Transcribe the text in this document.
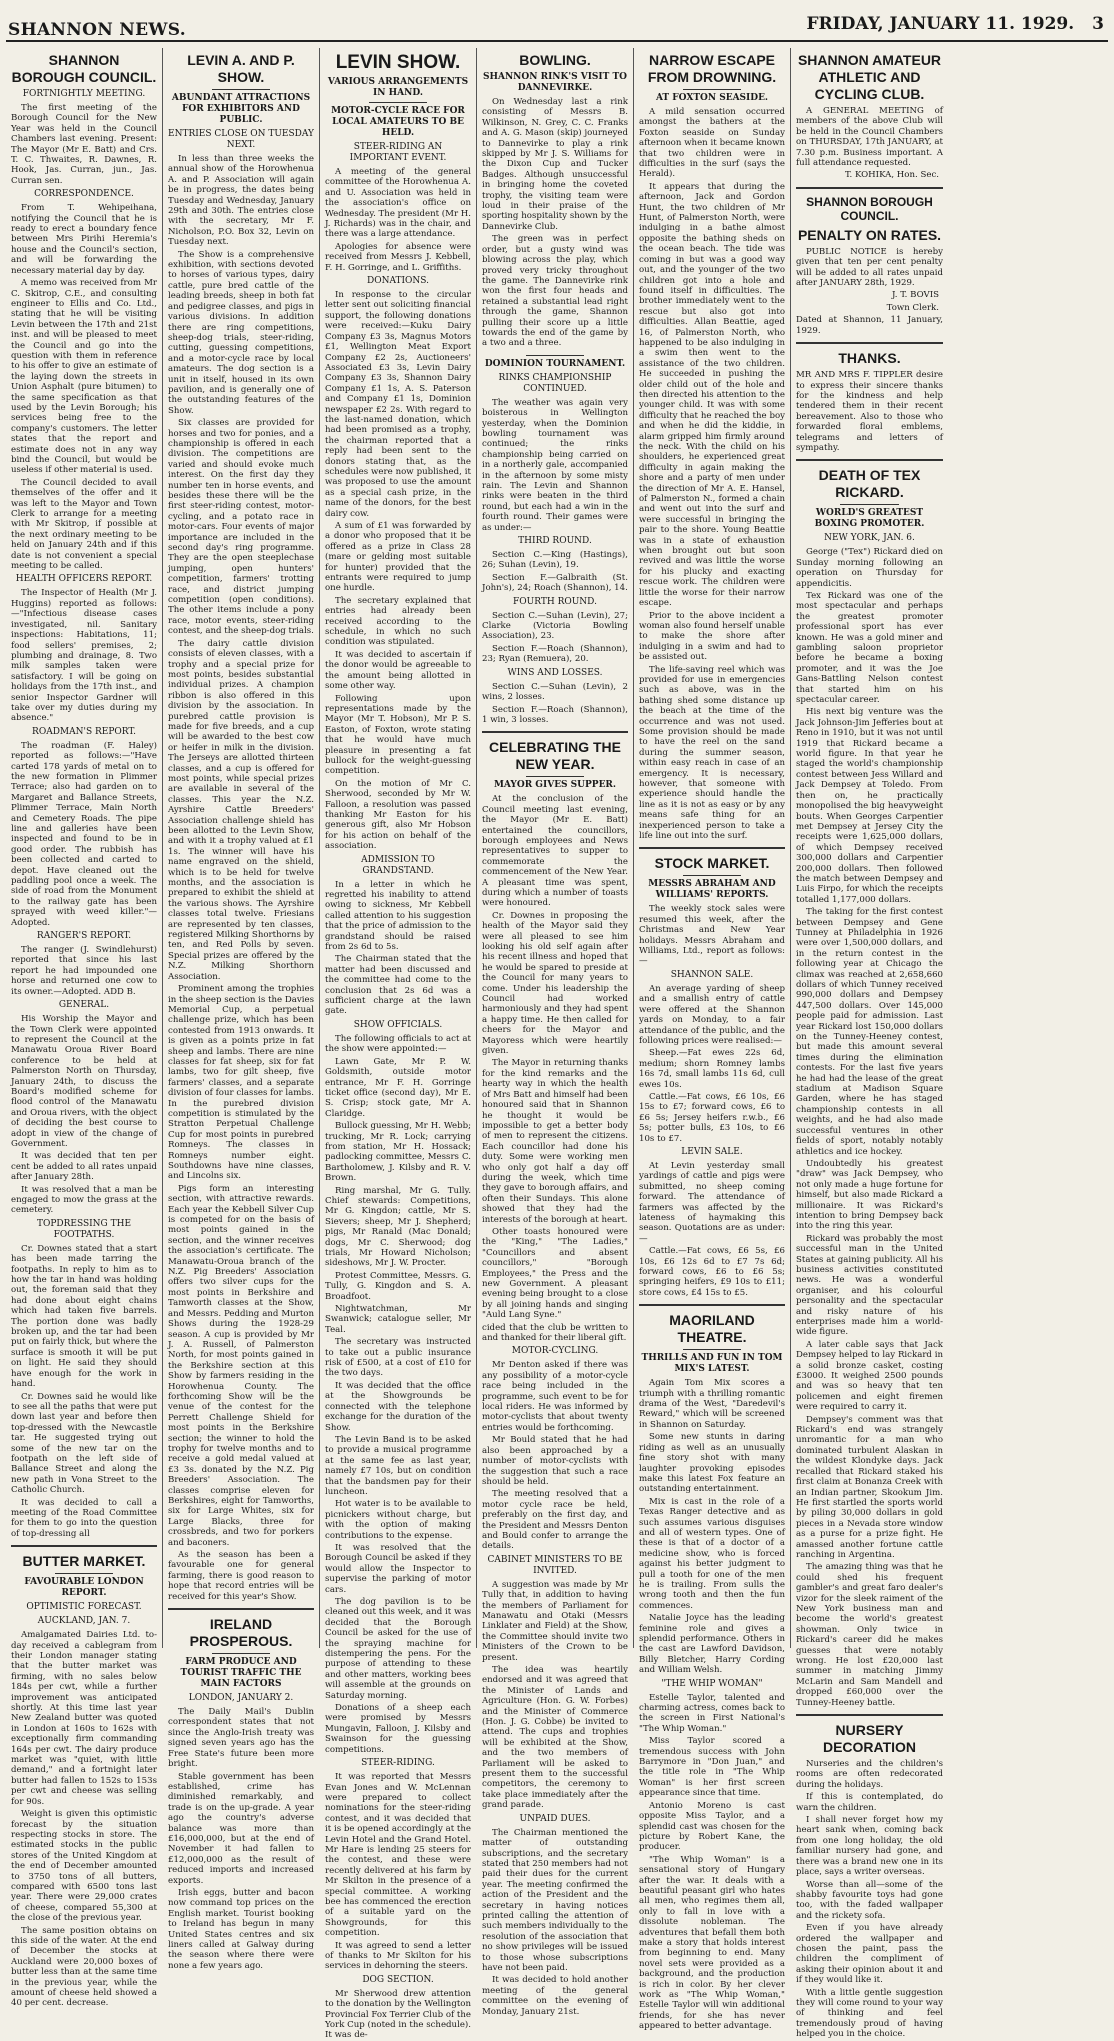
SHANNON NEWS.	FRIDAY, JANUARY 11. 1929. 3
SHANNON BOROUGH COUNCIL.
FORTNIGHTLY MEETING.

The first meeting of the Borough Council for the New Year was held in the Council Chambers last evening. Present: The Mayor (Mr E. Batt) and Crs. T. C. Thwaites, R. Dawnes, R. Hook, Jas. Curran, jun., Jas. Curran sen.

CORRESPONDENCE.

From T. Wehipeihana, notifying the Council that he is ready to erect a boundary fence between Mrs Pirihi Heremia's house and the Council's section, and will be forwarding the necessary material day by day.

A memo was received from Mr C. Skitrop, C.E., and consulting engineer to Ellis and Co. Ltd., stating that he will be visiting Levin between the 17th and 21st inst. and will be pleased to meet the Council and go into the question with them in reference to his offer to give an estimate of the laying down the streets in Union Asphalt (pure bitumen) to the same specification as that used by the Levin Borough; his services being free to the company's customers. The letter states that the report and estimate does not in any way bind the Council, but would be useless if other material is used.

The Council decided to avail themselves of the offer and it was left to the Mayor and Town Clerk to arrange for a meeting with Mr Skitrop, if possible at the next ordinary meeting to be held on January 24th and if this date is not convenient a special meeting to be called.

HEALTH OFFICERS REPORT.

The Inspector of Health (Mr J. Huggins) reported as follows:—"Infectious disease cases investigated, nil. Sanitary inspections: Habitations, 11; food sellers' premises, 2; plumbing and drainage, 8. Two milk samples taken were satisfactory. I will be going on holidays from the 17th inst., and senior Inspector Gardner will take over my duties during my absence."

ROADMAN'S REPORT.

The roadman (F. Haley) reported as follows:—"Have carted 178 yards of metal on to the new formation in Plimmer Terrace; also had garden on to Margaret and Ballance Streets, Plimmer Terrace, Main North and Cemetery Roads. The pipe line and galleries have been inspected and found to be in good order. The rubbish has been collected and carted to depot. Have cleaned out the paddling pool once a week. The side of road from the Monument to the railway gate has been sprayed with weed killer."—Adopted.

RANGER'S REPORT.

The ranger (J. Swindlehurst) reported that since his last report he had impounded one horse and returned one cow to its owner.—Adopted. ADD B.

GENERAL.

His Worship the Mayor and the Town Clerk were appointed to represent the Council at the Manawatu Oroua River Board conference to be held at Palmerston North on Thursday, January 24th, to discuss the Board's modified scheme for flood control of the Manawatu and Oroua rivers, with the object of deciding the best course to adopt in view of the change of Government.

It was decided that ten per cent be added to all rates unpaid after January 28th.

It was resolved that a man be engaged to mow the grass at the cemetery.

TOPDRESSING THE FOOTPATHS.

Cr. Downes stated that a start has been made tarring the footpaths. In reply to him as to how the tar in hand was holding out, the foreman said that they had done about eight chains which had taken five barrels. The portion done was badly broken up, and the tar had been put on fairly thick, but where the surface is smooth it will be put on light. He said they should have enough for the work in hand.

Cr. Downes said he would like to see all the paths that were put down last year and before then top-dressed with the Newcastle tar. He suggested trying out some of the new tar on the footpath on the left side of Ballance Street and along the new path in Vona Street to the Catholic Church.

It was decided to call a meeting of the Road Committee for them to go into the question of top-dressing all

BUTTER MARKET.
FAVOURABLE LONDON REPORT.
OPTIMISTIC FORECAST.
AUCKLAND, JAN. 7.

Amalgamated Dairies Ltd. to-day received a cablegram from their London manager stating that the butter market was firming, with no sales below 184s per cwt, while a further improvement was anticipated shortly. At this time last year New Zealand butter was quoted in London at 160s to 162s with exceptionally firm commanding 164s per cwt. The dairy produce market was "quiet, with little demand," and a fortnight later butter had fallen to 152s to 153s per cwt and cheese was selling for 90s.

Weight is given this optimistic forecast by the situation respecting stocks in store. The estimated stocks in the public stores of the United Kingdom at the end of December amounted to 3750 tons of all butters, compared with 6500 tons last year. There were 29,000 crates of cheese, compared 55,300 at the close of the previous year.

The same position obtains on this side of the water. At the end of December the stocks at Auckland were 20,000 boxes of butter less than at the same time in the previous year, while the amount of cheese held showed a 40 per cent. decrease.

LEVIN A. AND P. SHOW.
ABUNDANT ATTRACTIONS FOR EXHIBITORS AND PUBLIC.
ENTRIES CLOSE ON TUESDAY NEXT.

In less than three weeks the annual show of the Horowhenua A. and P. Association will again be in progress, the dates being Tuesday and Wednesday, January 29th and 30th. The entries close with the secretary, Mr F. Nicholson, P.O. Box 32, Levin on Tuesday next.

The Show is a comprehensive exhibition, with sections devoted to horses of various types, dairy cattle, pure bred cattle of the leading breeds, sheep in both fat and pedigree classes, and pigs in various divisions. In addition there are ring competitions, sheep-dog trials, steer-riding, cutting, guessing competitions, and a motor-cycle race by local amateurs. The dog section is a unit in itself, housed in its own pavilion, and is generally one of the outstanding features of the Show.

Six classes are provided for horses and two for ponies, and a championship is offered in each division. The competitions are varied and should evoke much interest. On the first day they number ten in horse events, and besides these there will be the first steer-riding contest, motor-cycling, and a potato race in motor-cars. Four events of major importance are included in the second day's ring programme. They are the open steeplechase jumping, open hunters' competition, farmers' trotting race, and district jumping competition (open conditions). The other items include a pony race, motor events, steer-riding contest, and the sheep-dog trials.

The dairy cattle division consists of eleven classes, with a trophy and a special prize for most points, besides substantial individual prizes. A champion ribbon is also offered in this division by the association. In purebred cattle provision is made for five breeds, and a cup will be awarded to the best cow or heifer in milk in the division. The Jerseys are allotted thirteen classes, and a cup is offered for most points, while special prizes are available in several of the classes. This year the N.Z. Ayrshire Cattle Breeders' Association challenge shield has been allotted to the Levin Show, and with it a trophy valued at £1 1s. The winner will have his name engraved on the shield, which is to be held for twelve months, and the association is prepared to exhibit the shield at the various shows. The Ayrshire classes total twelve. Friesians are represented by ten classes, registered Milking Shorthorns by ten, and Red Polls by seven. Special prizes are offered by the N.Z. Milking Shorthorn Association.

Prominent among the trophies in the sheep section is the Davies Memorial Cup, a perpetual challenge prize, which has been contested from 1913 onwards. It is given as a points prize in fat sheep and lambs. There are nine classes for fat sheep, six for fat lambs, two for gilt sheep, five farmers' classes, and a separate division of four classes for lambs. In the purebred division competition is stimulated by the Stratton Perpetual Challenge Cup for most points in purebred Romneys. The classes in Romneys number eight. Southdowns have nine classes, and Lincolns six.

Pigs form an interesting section, with attractive rewards. Each year the Kebbell Silver Cup is competed for on the basis of most points gained in the section, and the winner receives the association's certificate. The Manawatu-Oroua branch of the N.Z. Pig Breeders' Association offers two silver cups for the most points in Berkshire and Tamworth classes at the Show, and Messrs. Pedding and Murton Shows during the 1928-29 season. A cup is provided by Mr J. A. Russell, of Palmerston North, for most points gained in the Berkshire section at this Show by farmers residing in the Horowhenua County. The forthcoming Show will be the venue of the contest for the Perrett Challenge Shield for most points in the Berkshire section; the winner to hold the trophy for twelve months and to receive a gold medal valued at £3 3s. donated by the N.Z. Pig Breeders' Association. The classes comprise eleven for Berkshires, eight for Tamworths, six for Large Whites, six for Large Blacks, three for crossbreds, and two for porkers and baconers.

As the season has been a favourable one for general farming, there is good reason to hope that record entries will be received for this year's Show.

IRELAND PROSPEROUS.
FARM PRODUCE AND TOURIST TRAFFIC THE MAIN FACTORS
LONDON, JANUARY 2.

The Daily Mail's Dublin correspondent states that not since the Anglo-Irish treaty was signed seven years ago has the Free State's future been more bright.

Stable government has been established, crime has diminished remarkably, and trade is on the up-grade. A year ago the country's adverse balance was more than £16,000,000, but at the end of November it had fallen to £12,000,000 as the result of reduced imports and increased exports.

Irish eggs, butter and bacon now command top prices on the English market. Tourist booking to Ireland has begun in many United States centres and six liners called at Galway during the season where there were none a few years ago.

LEVIN SHOW.
VARIOUS ARRANGEMENTS IN HAND.
MOTOR-CYCLE RACE FOR LOCAL AMATEURS TO BE HELD.
STEER-RIDING AN IMPORTANT EVENT.

A meeting of the general committee of the Horowhenua A. and U. Association was held in the association's office on Wednesday. The president (Mr H. J. Richards) was in the chair, and there was a large attendance.

Apologies for absence were received from Messrs J. Kebbell, F. H. Gorringe, and L. Griffiths.

DONATIONS.

In response to the circular letter sent out soliciting financial support, the following donations were received:—Kuku Dairy Company £3 3s, Magnus Motors £1, Wellington Meat Export Company £2 2s, Auctioneers' Associated £3 3s, Levin Dairy Company £3 3s, Shannon Dairy Company £1 1s, A. S. Paterson and Company £1 1s, Dominion newspaper £2 2s. With regard to the last-named donation, which had been promised as a trophy, the chairman reported that a reply had been sent to the donors stating that, as the schedules were now published, it was proposed to use the amount as a special cash prize, in the name of the donors, for the best dairy cow.

A sum of £1 was forwarded by a donor who proposed that it be offered as a prize in Class 28 (mare or gelding most suitable for hunter) provided that the entrants were required to jump one hurdle.

The secretary explained that entries had already been received according to the schedule, in which no such condition was stipulated.

It was decided to ascertain if the donor would be agreeable to the amount being allotted in some other way.

Following upon representations made by the Mayor (Mr T. Hobson), Mr P. S. Easton, of Foxton, wrote stating that he would have much pleasure in presenting a fat bullock for the weight-guessing competition.

On the motion of Mr C. Sherwood, seconded by Mr W. Falloon, a resolution was passed thanking Mr Easton for his generous gift, also Mr Hobson for his action on behalf of the association.

ADMISSION TO GRANDSTAND.

In a letter in which he regretted his inability to attend owing to sickness, Mr Kebbell called attention to his suggestion that the price of admission to the grandstand should be raised from 2s 6d to 5s.

The Chairman stated that the matter had been discussed and the committee had come to the conclusion that 2s 6d was a sufficient charge at the lawn gate.

SHOW OFFICIALS.

The following officials to act at the show were appointed:—

Lawn Gate, Mr P. W. Goldsmith, outside motor entrance, Mr F. H. Gorringe ticket office (second day), Mr E. S. Crisp; stock gate, Mr A. Claridge.

Bullock guessing, Mr H. Webb; trucking, Mr R. Lock; carrying from station, Mr H. Hossack; padlocking committee, Messrs C. Bartholomew, J. Kilsby and R. V. Brown.

Ring marshal, Mr G. Tully. Chief stewards: Competitions, Mr G. Kingdon; cattle, Mr S. Sievers; sheep, Mr J. Shepherd; pigs, Mr Ranald (Mac Donald; dogs, Mr C. Sherwood; dog trials, Mr Howard Nicholson; sideshows, Mr J. W. Procter.

Protest Committee, Messrs. G. Tully, G. Kingdon and S. A. Broadfoot.

Nightwatchman, Mr Swanwick; catalogue seller, Mr Teal.

The secretary was instructed to take out a public insurance risk of £500, at a cost of £10 for the two days.

It was decided that the office at the Showgrounds be connected with the telephone exchange for the duration of the Show.

The Levin Band is to be asked to provide a musical programme at the same fee as last year, namely £7 10s, but on condition that the bandsmen pay for their luncheon.

Hot water is to be available to picnickers without charge, but with the option of making contributions to the expense.

It was resolved that the Borough Council be asked if they would allow the Inspector to supervise the parking of motor cars.

The dog pavilion is to be cleaned out this week, and it was decided that the Borough Council be asked for the use of the spraying machine for distempering the pens. For the purpose of attending to these and other matters, working bees will assemble at the grounds on Saturday morning.

Donations of a sheep each were promised by Messrs Mungavin, Falloon, J. Kilsby and Swainson for the guessing competitions.

STEER-RIDING.

It was reported that Messrs Evan Jones and W. McLennan were prepared to collect nominations for the steer-riding contest, and it was decided that it is be opened accordingly at the Levin Hotel and the Grand Hotel. Mr Hare is lending 25 steers for the contest, and these were recently delivered at his farm by Mr Skilton in the presence of a special committee. A working bee has commenced the erection of a suitable yard on the Showgrounds, for this competition.

It was agreed to send a letter of thanks to Mr Skilton for his services in dehorning the steers.

DOG SECTION.

Mr Sherwood drew attention to the donation by the Wellington Provincial Fox Terrier Club of the York Cup (noted in the schedule). It was de-

BOWLING.
SHANNON RINK'S VISIT TO DANNEVIRKE.

On Wednesday last a rink consisting of Messrs B. Wilkinson, N. Grey, C. C. Franks and A. G. Mason (skip) journeyed to Dannevirke to play a rink skipped by Mr J. S. Williams for the Dixon Cup and Tucker Badges. Although unsuccessful in bringing home the coveted trophy, the visiting team were loud in their praise of the sporting hospitality shown by the Dannevirke Club.

The green was in perfect order, but a gusty wind was blowing across the play, which proved very tricky throughout the game. The Dannevirke rink won the first four heads and retained a substantial lead right through the game, Shannon pulling their score up a little towards the end of the game by a two and a three.

DOMINION TOURNAMENT.
RINKS CHAMPIONSHIP CONTINUED.

The weather was again very boisterous in Wellington yesterday, when the Dominion bowling tournament was continued; the rinks championship being carried on in a northerly gale, accompanied in the afternoon by some misty rain. The Levin and Shannon rinks were beaten in the third round, but each had a win in the fourth round. Their games were as under:—

THIRD ROUND.

Section C.—King (Hastings), 26; Suhan (Levin), 19.

Section F.—Galbraith (St. John's), 24; Roach (Shannon), 14.

FOURTH ROUND.

Section C.—Suhan (Levin), 27; Clarke (Victoria Bowling Association), 23.

Section F.—Roach (Shannon), 23; Ryan (Remuera), 20.

WINS AND LOSSES.

Section C.—Suhan (Levin), 2 wins, 2 losses.

Section F.—Roach (Shannon), 1 win, 3 losses.

CELEBRATING THE NEW YEAR.
MAYOR GIVES SUPPER.

At the conclusion of the Council meeting last evening, the Mayor (Mr E. Batt) entertained the councillors, borough employees and News representatives to supper to commemorate the commencement of the New Year. A pleasant time was spent, during which a number of toasts were honoured.

Cr. Downes in proposing the health of the Mayor said they were all pleased to see him looking his old self again after his recent illness and hoped that he would be spared to preside at the Council for many years to come. Under his leadership the Council had worked harmoniously and they had spent a happy time. He then called for cheers for the Mayor and Mayoress which were heartily given.

The Mayor in returning thanks for the kind remarks and the hearty way in which the health of Mrs Batt and himself had been honoured said that in Shannon he thought it would be impossible to get a better body of men to represent the citizens. Each councillor had done his duty. Some were working men who only got half a day off during the week, which time they gave to borough affairs, and often their Sundays. This alone showed that they had the interests of the borough at heart.

Other toasts honoured were the "King," "The Ladies," "Councillors and absent councillors," "Borough Employees," the Press and the new Government. A pleasant evening being brought to a close by all joining hands and singing "Auld Lang Syne."

cided that the club be written to and thanked for their liberal gift.

MOTOR-CYCLING.

Mr Denton asked if there was any possibility of a motor-cycle race being included in the programme, such event to be for local riders. He was informed by motor-cyclists that about twenty entries would be forthcoming.

Mr Bould stated that he had also been approached by a number of motor-cyclists with the suggestion that such a race should be held.

The meeting resolved that a motor cycle race be held, preferably on the first day, and the President and Messrs Denton and Bould confer to arrange the details.

CABINET MINISTERS TO BE INVITED.

A suggestion was made by Mr Tully that, in addition to having the members of Parliament for Manawatu and Otaki (Messrs Linklater and Field) at the Show, the Committee should invite two Ministers of the Crown to be present.

The idea was heartily endorsed and it was agreed that the Minister of Lands and Agriculture (Hon. G. W. Forbes) and the Minister of Commerce (Hon. J. G. Cobbe) be invited to attend. The cups and trophies will be exhibited at the Show, and the two members of Parliament will be asked to present them to the successful competitors, the ceremony to take place immediately after the grand parade.

UNPAID DUES.

The Chairman mentioned the matter of outstanding subscriptions, and the secretary stated that 250 members had not paid their dues for the current year. The meeting confirmed the action of the President and the secretary in having notices printed calling the attention of such members individually to the resolution of the association that no show privileges will be issued to those whose subscriptions have not been paid.

It was decided to hold another meeting of the general committee on the evening of Monday, January 21st.

NARROW ESCAPE FROM DROWNING.
AT FOXTON SEASIDE.

A mild sensation occurred amongst the bathers at the Foxton seaside on Sunday afternoon when it became known that two children were in difficulties in the surf (says the Herald).

It appears that during the afternoon, Jack and Gordon Hunt, the two children of Mr Hunt, of Palmerston North, were indulging in a bathe almost opposite the bathing sheds on the ocean beach. The tide was coming in but was a good way out, and the younger of the two children got into a hole and found itself in difficulties. The brother immediately went to the rescue but also got into difficulties. Allan Beattie, aged 16, of Palmerston North, who happened to be also indulging in a swim then went to the assistance of the two children. He succeeded in pushing the older child out of the hole and then directed his attention to the younger child. It was with some difficulty that he reached the boy and when he did the kiddie, in alarm gripped him firmly around the neck. With the child on his shoulders, he experienced great difficulty in again making the shore and a party of men under the direction of Mr A. E. Hansel, of Palmerston N., formed a chain and went out into the surf and were successful in bringing the pair to the shore. Young Beattie was in a state of exhaustion when brought out but soon revived and was little the worse for his plucky and exacting rescue work. The children were little the worse for their narrow escape.

Prior to the above incident a woman also found herself unable to make the shore after indulging in a swim and had to be assisted out.

The life-saving reel which was provided for use in emergencies such as above, was in the bathing shed some distance up the beach at the time of the occurrence and was not used. Some provision should be made to have the reel on the sand during the summer season, within easy reach in case of an emergency. It is necessary, however, that someone with experience should handle the line as it is not as easy or by any means safe thing for an inexperienced person to take a life line out into the surf.

STOCK MARKET.
MESSRS ABRAHAM AND WILLIAMS' REPORTS.

The weekly stock sales were resumed this week, after the Christmas and New Year holidays. Messrs Abraham and Williams, Ltd., report as follows:—

SHANNON SALE.

An average yarding of sheep and a smallish entry of cattle were offered at the Shannon yards on Monday, to a fair attendance of the public, and the following prices were realised:—

Sheep.—Fat ewes 22s 6d, medium; shorn Romney lambs 16s 7d, small lambs 11s 6d, cull ewes 10s.

Cattle.—Fat cows, £6 10s, £6 15s to £7; forward cows, £6 to £6 5s; Jersey heifers r.w.b., £6 5s; potter bulls, £3 10s, to £6 10s to £7.

LEVIN SALE.

At Levin yesterday small yardings of cattle and pigs were submitted, no sheep coming forward. The attendance of farmers was affected by the lateness of haymaking this season. Quotations are as under:—

Cattle.—Fat cows, £6 5s, £6 10s, £6 12s 6d to £7 7s 6d; forward cows, £6 to £6 5s; springing heifers, £9 10s to £11; store cows, £4 15s to £5.

MAORILAND THEATRE.
THRILLS AND FUN IN TOM MIX'S LATEST.

Again Tom Mix scores a triumph with a thrilling romantic drama of the West, "Daredevil's Reward," which will be screened in Shannon on Saturday.

Some new stunts in daring riding as well as an unusually fine story shot with many laughter provoking episodes make this latest Fox feature an outstanding entertainment.

Mix is cast in the role of a Texas Ranger detective and as such assumes various disguises and all of western types. One of these is that of a doctor of a medicine show, who is forced against his better judgment to pull a tooth for one of the men he is trailing. From sulls the wrong tooth and then the fun commences.

Natalie Joyce has the leading feminine role and gives a splendid performance. Others in the cast are Lawford Davidson, Billy Bletcher, Harry Cording and William Welsh.

"THE WHIP WOMAN"

Estelle Taylor, talented and charming actress, comes back to the screen in First National's "The Whip Woman."

Miss Taylor scored a tremendous success with John Barrymore in "Don Juan," and the title role in "The Whip Woman" is her first screen appearance since that time.

Antonio Moreno is cast opposite Miss Taylor, and a splendid cast was chosen for the picture by Robert Kane, the producer.

"The Whip Woman" is a sensational story of Hungary after the war. It deals with a beautiful peasant girl who hates all men, who regimes them all, only to fall in love with a dissolute nobleman. The adventures that befall them both make a story that holds interest from beginning to end. Many novel sets were provided as a background, and the production is rich in color. By her clever work as "The Whip Woman," Estelle Taylor will win additional friends, for she has never appeared to better advantage.

SHANNON AMATEUR ATHLETIC AND CYCLING CLUB.

A GENERAL MEETING of members of the above Club will be held in the Council Chambers on THURSDAY, 17th JANUARY, at 7.30 p.m. Business important. A full attendance requested.

T. KOHIKA, Hon. Sec.
SHANNON BOROUGH COUNCIL.
PENALTY ON RATES.

PUBLIC NOTICE is hereby given that ten per cent penalty will be added to all rates unpaid after JANUARY 28th, 1929.

J. T. BOVIS
Town Clerk.

Dated at Shannon, 11 January, 1929.

THANKS.

MR AND MRS F. TIPPLER desire to express their sincere thanks for the kindness and help tendered them in their recent bereavement. Also to those who forwarded floral emblems, telegrams and letters of sympathy.

DEATH OF TEX RICKARD.
WORLD'S GREATEST BOXING PROMOTER.
NEW YORK, JAN. 6.

George ("Tex") Rickard died on Sunday morning following an operation on Thursday for appendicitis.

Tex Rickard was one of the most spectacular and perhaps the greatest promoter professional sport has ever known. He was a gold miner and gambling saloon proprietor before he became a boxing promoter, and it was the Joe Gans-Battling Nelson contest that started him on his spectacular career.

His next big venture was the Jack Johnson-Jim Jefferies bout at Reno in 1910, but it was not until 1919 that Rickard became a world figure. In that year he staged the world's championship contest between Jess Willard and Jack Dempsey at Toledo. From then on, he practically monopolised the big heavyweight bouts. When Georges Carpentier met Dempsey at Jersey City the receipts were 1,625,000 dollars, of which Dempsey received 300,000 dollars and Carpentier 200,000 dollars. Then followed the match between Dempsey and Luis Firpo, for which the receipts totalled 1,177,000 dollars.

The taking for the first contest between Dempsey and Gene Tunney at Philadelphia in 1926 were over 1,500,000 dollars, and in the return contest in the following year at Chicago the climax was reached at 2,658,660 dollars of which Tunney received 990,000 dollars and Dempsey 447,500 dollars. Over 145,000 people paid for admission. Last year Rickard lost 150,000 dollars on the Tunney-Heeney contest, but made this amount several times during the elimination contests. For the last five years he had had the lease of the great stadium at Madison Square Garden, where he has staged championship contests in all weights, and he had also made successful ventures in other fields of sport, notably notably athletics and ice hockey.

Undoubtedly his greatest "draw" was Jack Dempsey, who not only made a huge fortune for himself, but also made Rickard a millionaire. It was Rickard's intention to bring Dempsey back into the ring this year.

Rickard was probably the most successful man in the United States at gaining publicity. All his business activities constituted news. He was a wonderful organiser, and his colourful personality and the spectacular and risky nature of his enterprises made him a world-wide figure.

A later cable says that Jack Dempsey helped to lay Rickard in a solid bronze casket, costing £3000. It weighed 2500 pounds and was so heavy that ten policemen and eight firemen were required to carry it.

Dempsey's comment was that Rickard's end was strangely unromantic for a man who dominated turbulent Alaskan in the wildest Klondyke days. Jack recalled that Rickard staked his first claim at Bonanza Creek with an Indian partner, Skookum Jim. He first startled the sports world by piling 30,000 dollars in gold pieces in a Nevada store window as a purse for a prize fight. He amassed another fortune cattle ranching in Argentina.

The amazing thing was that he could shed his frequent gambler's and great faro dealer's vizor for the sleek raiment of the New York business man and become the world's greatest showman. Only twice in Rickard's career did he makes guesses that were notably wrong. He lost £20,000 last summer in matching Jimmy McLarin and Sam Mandell and dropped £60,000 over the Tunney-Heeney battle.

NURSERY DECORATION

Nurseries and the children's rooms are often redecorated during the holidays.

If this is contemplated, do warn the children.

I shall never forget how my heart sank when, coming back from one long holiday, the old familiar nursery had gone, and there was a brand new one in its place, says a writer overseas.

Worse than all—some of the shabby favourite toys had gone too, with the faded wallpaper and the rickety sofa.

Even if you have already ordered the wallpaper and chosen the paint, pass the children the compliment of asking their opinion about it and if they would like it.

With a little gentle suggestion they will come round to your way of thinking and feel tremendously proud of having helped you in the choice.
